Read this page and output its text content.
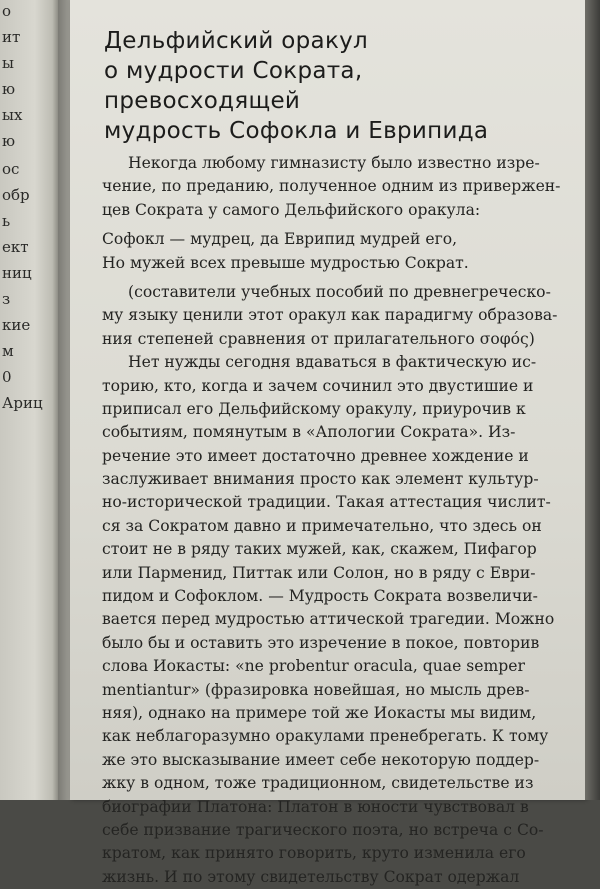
о
ит
ы
ю
ых
ю
ос
обр
ь
ект
ниц
з
кие
м
0
Ариц
Дельфийский оракул
о мудрости Сократа,
превосходящей
мудрость Софокла и Еврипида
Некогда любому гимназисту было известно изре-
чение, по преданию, полученное одним из привержен-
цев Сократа у самого Дельфийского оракула:
Софокл — мудрец, да Еврипид мудрей его,
Но мужей всех превыше мудростью Сократ.
(составители учебных пособий по древнегреческо-
му языку ценили этот оракул как парадигму образова-
ния степеней сравнения от прилагательного σοφός)
Нет нужды сегодня вдаваться в фактическую ис-
торию, кто, когда и зачем сочинил это двустишие и
приписал его Дельфийскому оракулу, приурочив к
событиям, помянутым в «Апологии Сократа». Из-
речение это имеет достаточно древнее хождение и
заслуживает внимания просто как элемент культур-
но-исторической традиции. Такая аттестация числит-
ся за Сократом давно и примечательно, что здесь он
стоит не в ряду таких мужей, как, скажем, Пифагор
или Парменид, Питтак или Солон, но в ряду с Еври-
пидом и Софоклом. — Мудрость Сократа возвеличи-
вается перед мудростью аттической трагедии. Можно
было бы и оставить это изречение в покое, повторив
слова Иокасты: «ne probentur oracula, quae semper
mentiantur» (фразировка новейшая, но мысль древ-
няя), однако на примере той же Иокасты мы видим,
как неблагоразумно оракулами пренебрегать. К тому
же это высказывание имеет себе некоторую поддер-
жку в одном, тоже традиционном, свидетельстве из
биографии Платона: Платон в юности чувствовал в
себе призвание трагического поэта, но встреча с Со-
кратом, как принято говорить, круто изменила его
жизнь. И по этому свидетельству Сократ одержал
